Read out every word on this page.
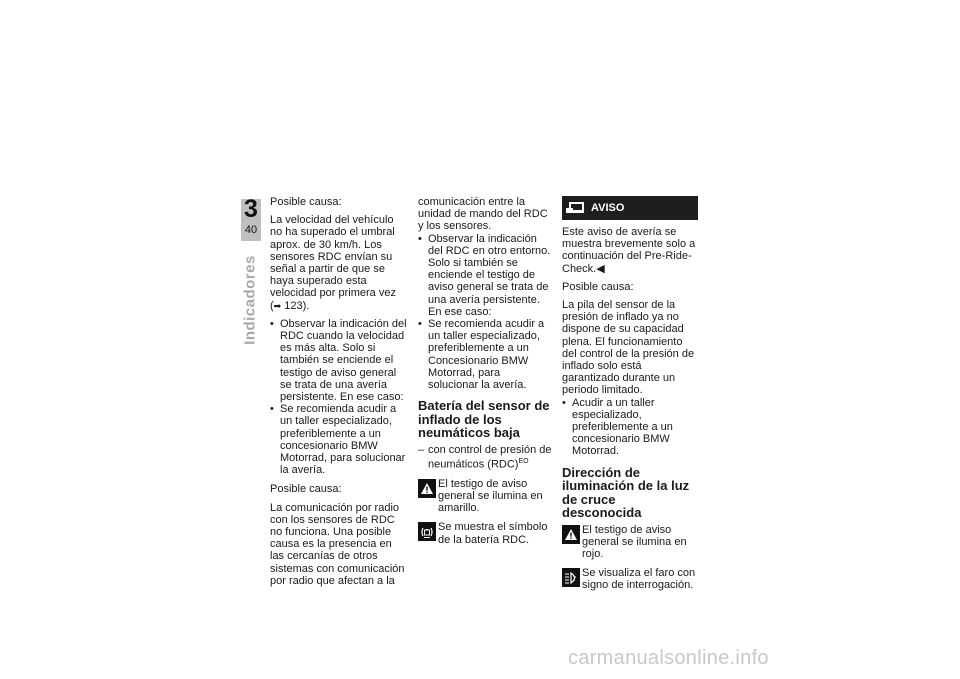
3
40
Indicadores

Posible causa:

La velocidad del vehículo no ha superado el umbral aprox. de 30 km/h. Los sensores RDC envían su señal a partir de que se haya superado esta velocidad por primera vez (➡ 123).

• Observar la indicación del RDC cuando la velocidad es más alta. Solo si también se enciende el testigo de aviso general se trata de una avería persistente. En ese caso:
• Se recomienda acudir a un taller especializado, preferiblemente a un concesionario BMW Motorrad, para solucionar la avería.

Posible causa:

La comunicación por radio con los sensores de RDC no funciona. Una posible causa es la presencia en las cercanías de otros sistemas con comunicación por radio que afectan a la

comunicación entre la unidad de mando del RDC y los sensores.

• Observar la indicación del RDC en otro entorno. Solo si también se enciende el testigo de aviso general se trata de una avería persistente. En ese caso:
• Se recomienda acudir a un taller especializado, preferiblemente a un Concesionario BMW Motorrad, para solucionar la avería.
Batería del sensor de inflado de los neumáticos baja
– con control de presión de neumáticos (RDC)$^{EO}$
El testigo de aviso general se ilumina en amarillo.
Se muestra el símbolo de la batería RDC.
AVISO

Este aviso de avería se muestra brevemente solo a continuación del Pre-Ride-Check.◀

Posible causa:

La pila del sensor de la presión de inflado ya no dispone de su capacidad plena. El funcionamiento del control de la presión de inflado solo está garantizado durante un periodo limitado.

• Acudir a un taller especializado, preferiblemente a un concesionario BMW Motorrad.
Dirección de iluminación de la luz de cruce desconocida
El testigo de aviso general se ilumina en rojo.
? Se visualiza el faro con signo de interrogación.
carmanualsonline.info
